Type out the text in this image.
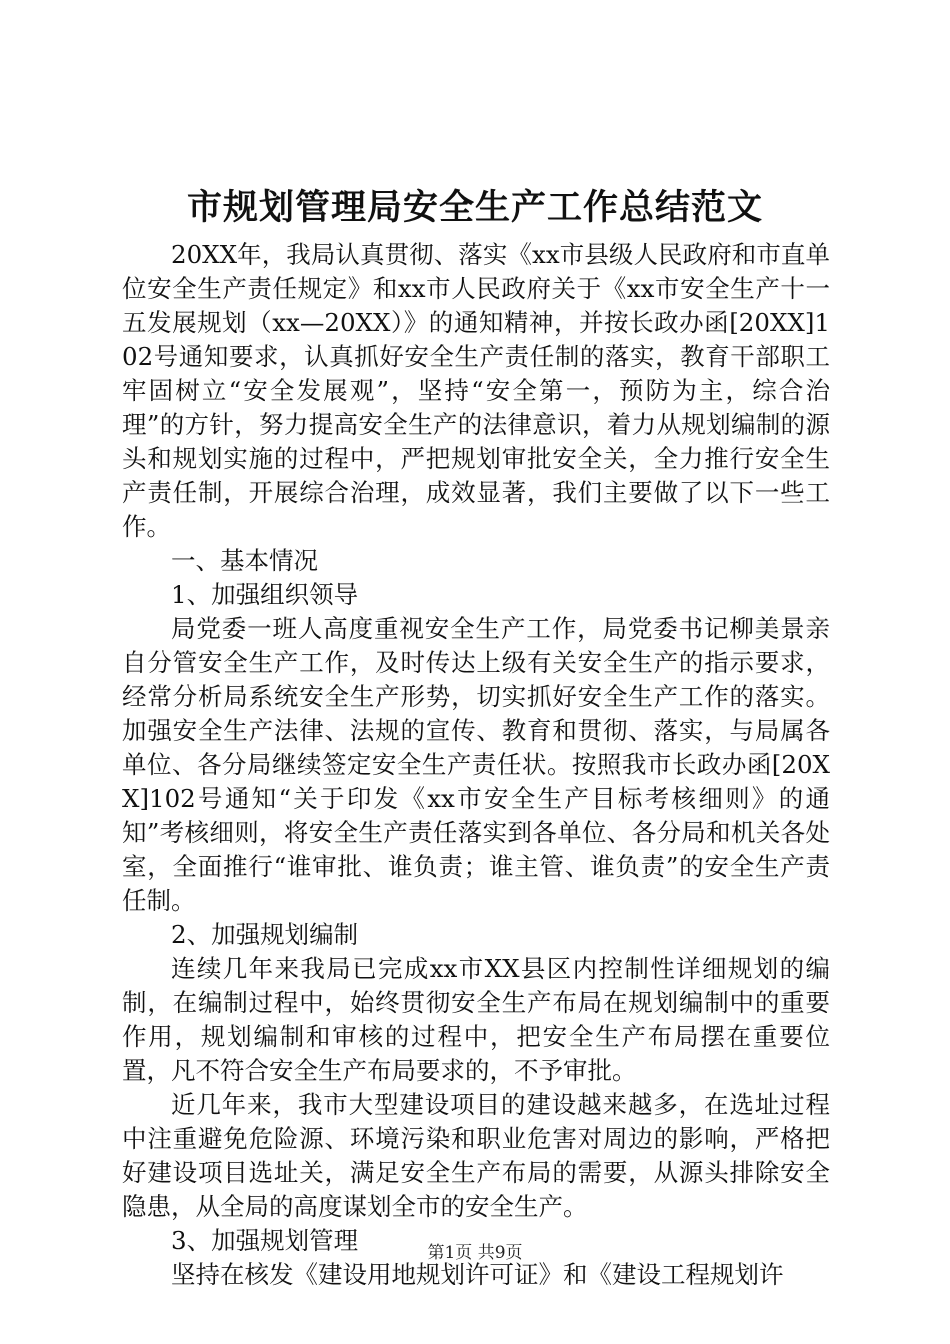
市规划管理局安全生产工作总结范文

20XX年，我局认真贯彻、落实《xx市县级人民政府和市直单位安全生产责任规定》和xx市人民政府关于《xx市安全生产十一五发展规划（xx—20XX）》的通知精神，并按长政办函[20XX]102号通知要求，认真抓好安全生产责任制的落实，教育干部职工牢固树立“安全发展观”，坚持“安全第一，预防为主，综合治理”的方针，努力提高安全生产的法律意识，着力从规划编制的源头和规划实施的过程中，严把规划审批安全关，全力推行安全生产责任制，开展综合治理，成效显著，我们主要做了以下一些工作。

一、基本情况

1、加强组织领导

局党委一班人高度重视安全生产工作，局党委书记柳美景亲自分管安全生产工作，及时传达上级有关安全生产的指示要求，经常分析局系统安全生产形势，切实抓好安全生产工作的落实。加强安全生产法律、法规的宣传、教育和贯彻、落实，与局属各单位、各分局继续签定安全生产责任状。按照我市长政办函[20XX]102号通知“关于印发《xx市安全生产目标考核细则》的通知”考核细则，将安全生产责任落实到各单位、各分局和机关各处室，全面推行“谁审批、谁负责；谁主管、谁负责”的安全生产责任制。

2、加强规划编制

连续几年来我局已完成xx市XX县区内控制性详细规划的编制，在编制过程中，始终贯彻安全生产布局在规划编制中的重要作用，规划编制和审核的过程中，把安全生产布局摆在重要位置，凡不符合安全生产布局要求的，不予审批。

近几年来，我市大型建设项目的建设越来越多，在选址过程中注重避免危险源、环境污染和职业危害对周边的影响，严格把好建设项目选址关，满足安全生产布局的需要，从源头排除安全隐患，从全局的高度谋划全市的安全生产。

3、加强规划管理

坚持在核发《建设用地规划许可证》和《建设工程规划许

第1页 共9页
